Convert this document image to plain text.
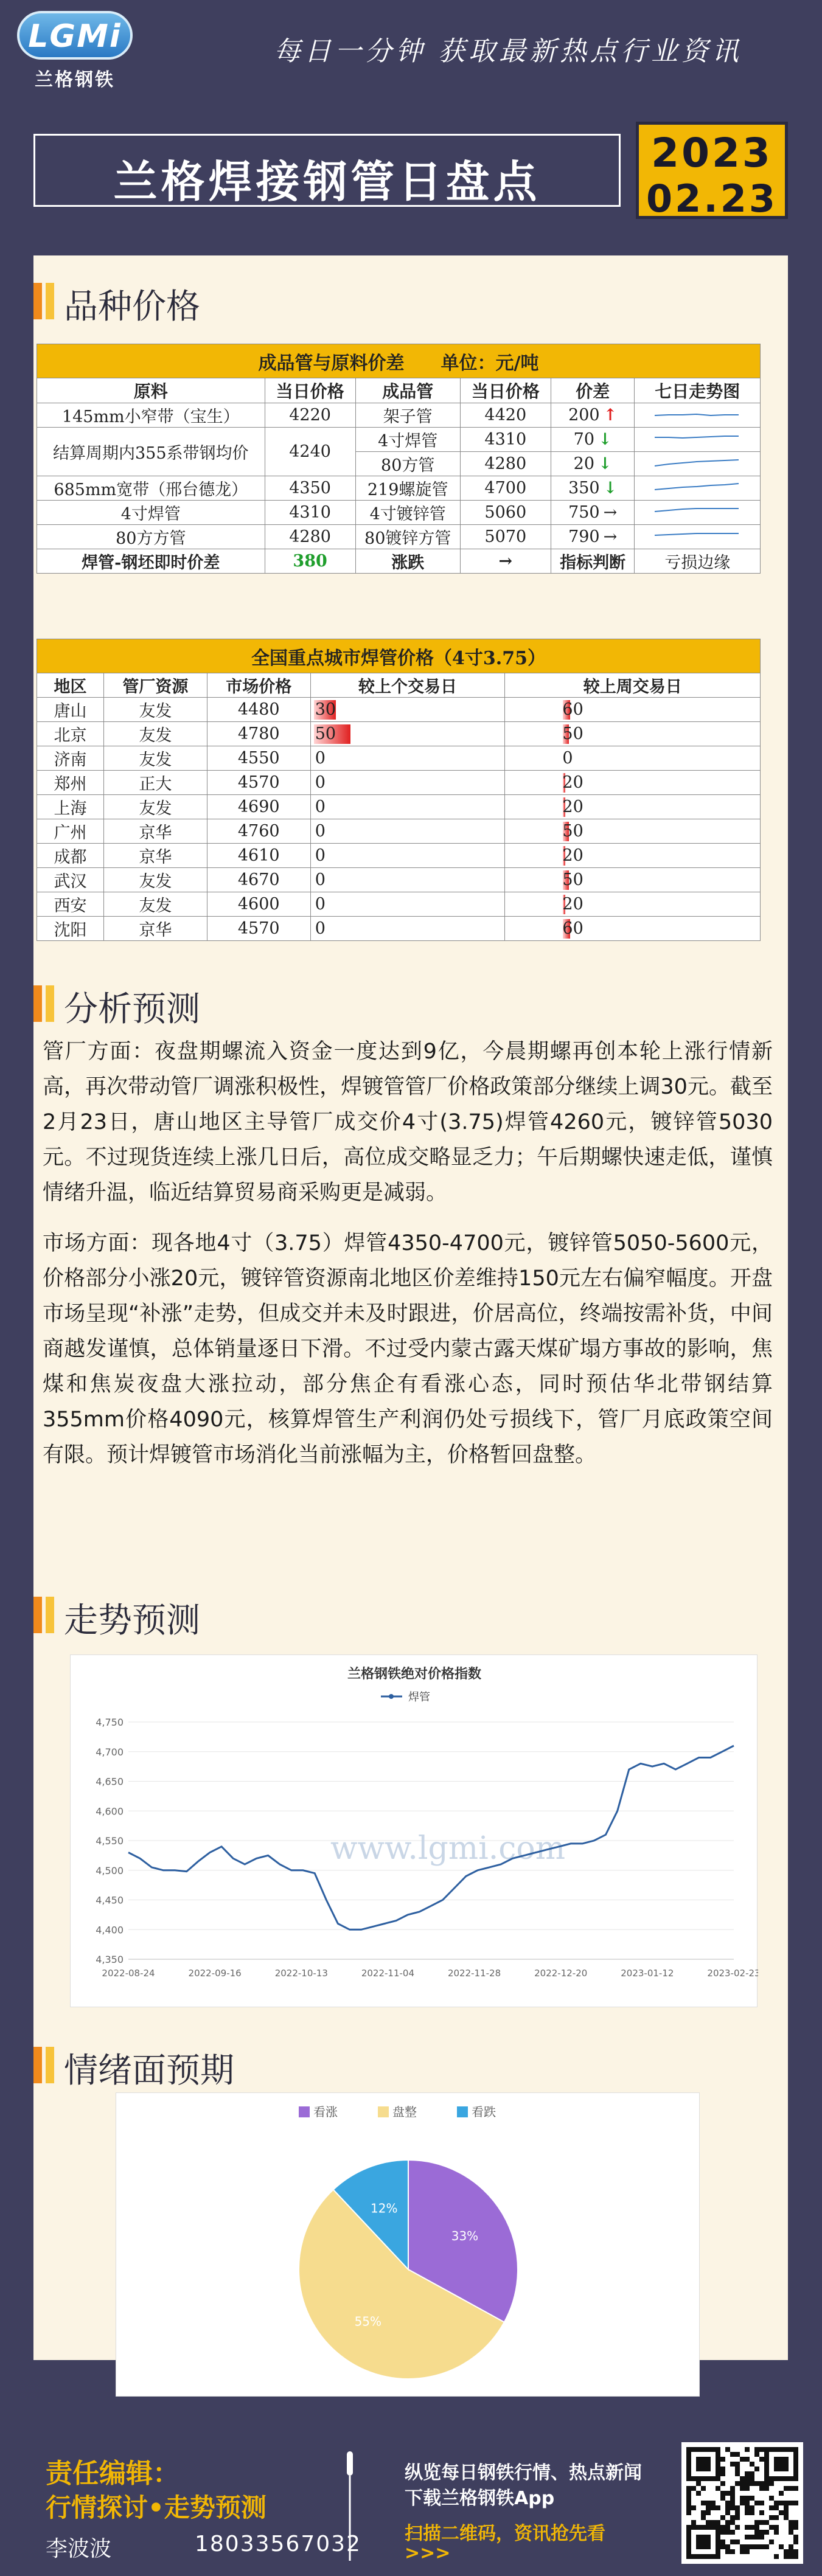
LGMi
兰格钢铁
每日一分钟 获取最新热点行业资讯
兰格焊接钢管日盘点
2023
02.23
品种价格
成品管与原料价差　　单位：元/吨					
原料	当日价格	成品管	当日价格	价差	七日走势图
145mm小窄带（宝生）	4220	架子管	4420	200 ↑	
结算周期内355系带钢均价	4240	4寸焊管	4310	70 ↓	
		80方管	4280	20 ↓	
685mm宽带（邢台德龙）	4350	219螺旋管	4700	350 ↓	
4寸焊管	4310	4寸镀锌管	5060	750 →	
80方方管	4280	80镀锌方管	5070	790 →	
焊管-钢坯即时价差	380	涨跌	→	指标判断	亏损边缘
全国重点城市焊管价格（4寸3.75）				
地区	管厂资源	市场价格	较上个交易日	较上周交易日
唐山	友发	4480	30	60
北京	友发	4780	50	50
济南	友发	4550	0	0
郑州	正大	4570	0	20
上海	友发	4690	0	20
广州	京华	4760	0	50
成都	京华	4610	0	20
武汉	友发	4670	0	50
西安	友发	4600	0	20
沈阳	京华	4570	0	60
分析预测
管厂方面：夜盘期螺流入资金一度达到9亿，今晨期螺再创本轮上涨行情新高，再次带动管厂调涨积极性，焊镀管管厂价格政策部分继续上调30元。截至2月23日，唐山地区主导管厂成交价4寸(3.75)焊管4260元，镀锌管5030元。不过现货连续上涨几日后，高位成交略显乏力；午后期螺快速走低，谨慎情绪升温，临近结算贸易商采购更是减弱。
市场方面：现各地4寸（3.75）焊管4350-4700元，镀锌管5050-5600元，价格部分小涨20元，镀锌管资源南北地区价差维持150元左右偏窄幅度。开盘市场呈现“补涨”走势，但成交并未及时跟进，价居高位，终端按需补货，中间商越发谨慎，总体销量逐日下滑。不过受内蒙古露天煤矿塌方事故的影响，焦煤和焦炭夜盘大涨拉动，部分焦企有看涨心态，同时预估华北带钢结算355mm价格4090元，核算焊管生产利润仍处亏损线下，管厂月底政策空间有限。预计焊镀管市场消化当前涨幅为主，价格暂回盘整。
走势预测
兰格钢铁绝对价格指数
焊管
4,350
4,400
4,450
4,500
4,550
4,600
4,650
4,700
4,750
www.lgmi.com
2022-08-24	2022-09-16	2022-10-13	2022-11-04	2022-11-28	2022-12-20	2023-01-12	2023-02-23
情绪面预期
看涨	盘整	看跌
33%
55%
12%
责任编辑：
行情探讨•走势预测
李波波	18033567032
纵览每日钢铁行情、热点新闻
下载兰格钢铁App
扫描二维码，资讯抢先看
>>>
